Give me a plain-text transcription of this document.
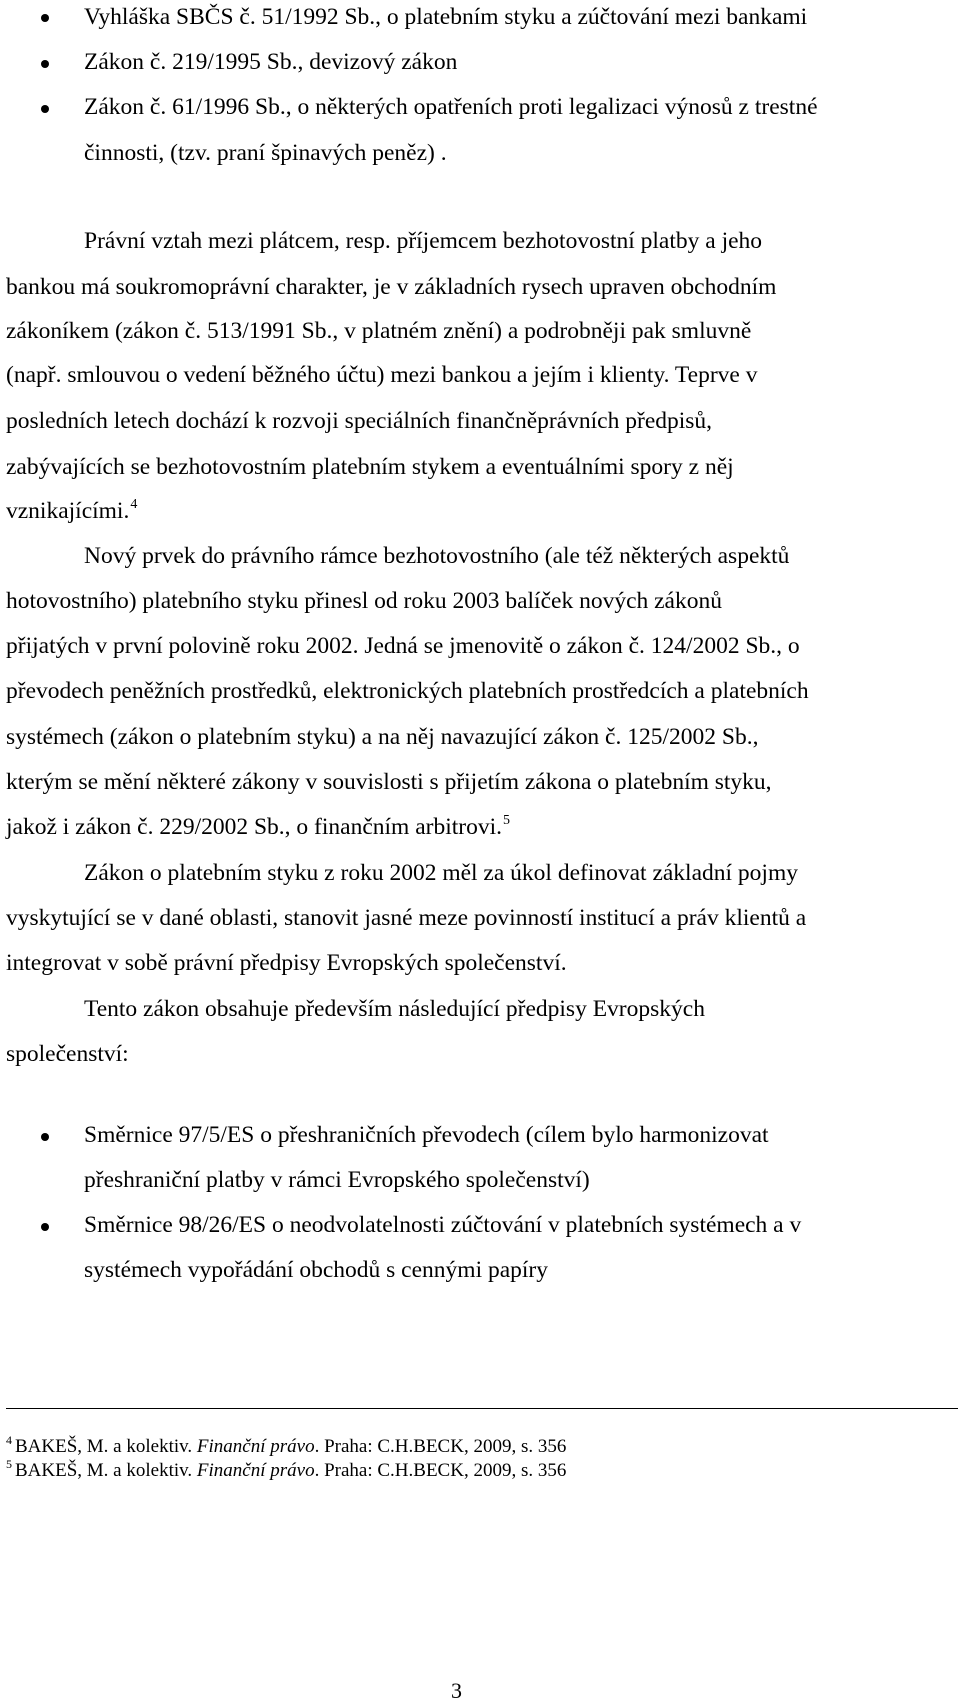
Vyhláška SBČS č. 51/1992 Sb., o platebním styku a zúčtování mezi bankami
Zákon č. 219/1995 Sb., devizový zákon
Zákon č. 61/1996 Sb., o některých opatřeních proti legalizaci výnosů z trestné
činnosti, (tzv. praní špinavých peněz) .
Právní vztah mezi plátcem, resp. příjemcem bezhotovostní platby a jeho
bankou má soukromoprávní charakter, je v základních rysech upraven obchodním
zákoníkem (zákon č. 513/1991 Sb., v platném znění) a podrobněji pak smluvně
(např. smlouvou o vedení běžného účtu) mezi bankou a jejím i klienty. Teprve v
posledních letech dochází k rozvoji speciálních finančněprávních předpisů,
zabývajících se bezhotovostním platebním stykem a eventuálními spory z něj
vznikajícími.$^4$
Nový prvek do právního rámce bezhotovostního (ale též některých aspektů
hotovostního) platebního styku přinesl od roku 2003 balíček nových zákonů
přijatých v první polovině roku 2002. Jedná se jmenovitě o zákon č. 124/2002 Sb., o
převodech peněžních prostředků, elektronických platebních prostředcích a platebních
systémech (zákon o platebním styku) a na něj navazující zákon č. 125/2002 Sb.,
kterým se mění některé zákony v souvislosti s přijetím zákona o platebním styku,
jakož i zákon č. 229/2002 Sb., o finančním arbitrovi.$^5$
Zákon o platebním styku z roku 2002 měl za úkol definovat základní pojmy
vyskytující se v dané oblasti, stanovit jasné meze povinností institucí a práv klientů a
integrovat v sobě právní předpisy Evropských společenství.
Tento zákon obsahuje především následující předpisy Evropských
společenství:
Směrnice 97/5/ES o přeshraničních převodech (cílem bylo harmonizovat
přeshraniční platby v rámci Evropského společenství)
Směrnice 98/26/ES o neodvolatelnosti zúčtování v platebních systémech a v
systémech vypořádání obchodů s cennými papíry
$^4$ BAKEŠ, M. a kolektiv. Finanční právo. Praha: C.H.BECK, 2009, s. 356
$^5$ BAKEŠ, M. a kolektiv. Finanční právo. Praha: C.H.BECK, 2009, s. 356
3
